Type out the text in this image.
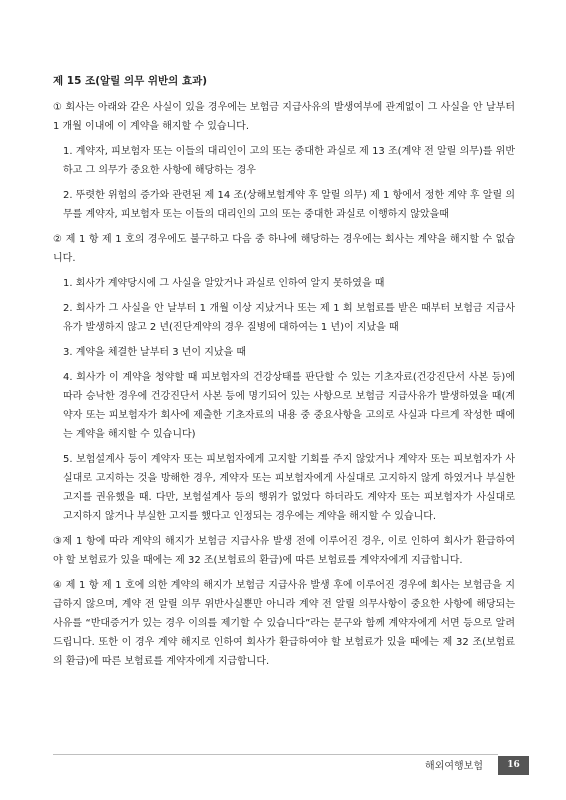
제 15 조(알릴 의무 위반의 효과)

① 회사는 아래와 같은 사실이 있을 경우에는 보험금 지급사유의 발생여부에 관계없이 그 사실을 안 날부터 1 개월 이내에 이 계약을 해지할 수 있습니다.

1. 계약자, 피보험자 또는 이들의 대리인이 고의 또는 중대한 과실로 제 13 조(계약 전 알릴 의무)를 위반하고 그 의무가 중요한 사항에 해당하는 경우

2. 뚜렷한 위험의 증가와 관련된 제 14 조(상해보험계약 후 알릴 의무) 제 1 항에서 정한 계약 후 알릴 의무를 계약자, 피보험자 또는 이들의 대리인의 고의 또는 중대한 과실로 이행하지 않았을때

② 제 1 항 제 1 호의 경우에도 불구하고 다음 중 하나에 해당하는 경우에는 회사는 계약을 해지할 수 없습니다.

1. 회사가 계약당시에 그 사실을 알았거나 과실로 인하여 알지 못하였을 때

2. 회사가 그 사실을 안 날부터 1 개월 이상 지났거나 또는 제 1 회 보험료를 받은 때부터 보험금 지급사유가 발생하지 않고 2 년(진단계약의 경우 질병에 대하여는 1 년)이 지났을 때

3. 계약을 체결한 날부터 3 년이 지났을 때

4. 회사가 이 계약을 청약할 때 피보험자의 건강상태를 판단할 수 있는 기초자료(건강진단서 사본 등)에 따라 승낙한 경우에 건강진단서 사본 등에 명기되어 있는 사항으로 보험금 지급사유가 발생하였을 때(계약자 또는 피보험자가 회사에 제출한 기초자료의 내용 중 중요사항을 고의로 사실과 다르게 작성한 때에는 계약을 해지할 수 있습니다)

5. 보험설계사 등이 계약자 또는 피보험자에게 고지할 기회를 주지 않았거나 계약자 또는 피보험자가 사실대로 고지하는 것을 방해한 경우, 계약자 또는 피보험자에게 사실대로 고지하지 않게 하였거나 부실한 고지를 권유했을 때. 다만, 보험설계사 등의 행위가 없었다 하더라도 계약자 또는 피보험자가 사실대로 고지하지 않거나 부실한 고지를 했다고 인정되는 경우에는 계약을 해지할 수 있습니다.

③제 1 항에 따라 계약의 해지가 보험금 지급사유 발생 전에 이루어진 경우, 이로 인하여 회사가 환급하여야 할 보험료가 있을 때에는 제 32 조(보험료의 환급)에 따른 보험료를 계약자에게 지급합니다.

④ 제 1 항 제 1 호에 의한 계약의 해지가 보험금 지급사유 발생 후에 이루어진 경우에 회사는 보험금을 지급하지 않으며, 계약 전 알릴 의무 위반사실뿐만 아니라 계약 전 알릴 의무사항이 중요한 사항에 해당되는 사유를 “반대증거가 있는 경우 이의를 제기할 수 있습니다”라는 문구와 함께 계약자에게 서면 등으로 알려 드립니다. 또한 이 경우 계약 해지로 인하여 회사가 환급하여야 할 보험료가 있을 때에는 제 32 조(보험료의 환급)에 따른 보험료를 계약자에게 지급합니다.

해외여행보험	16
